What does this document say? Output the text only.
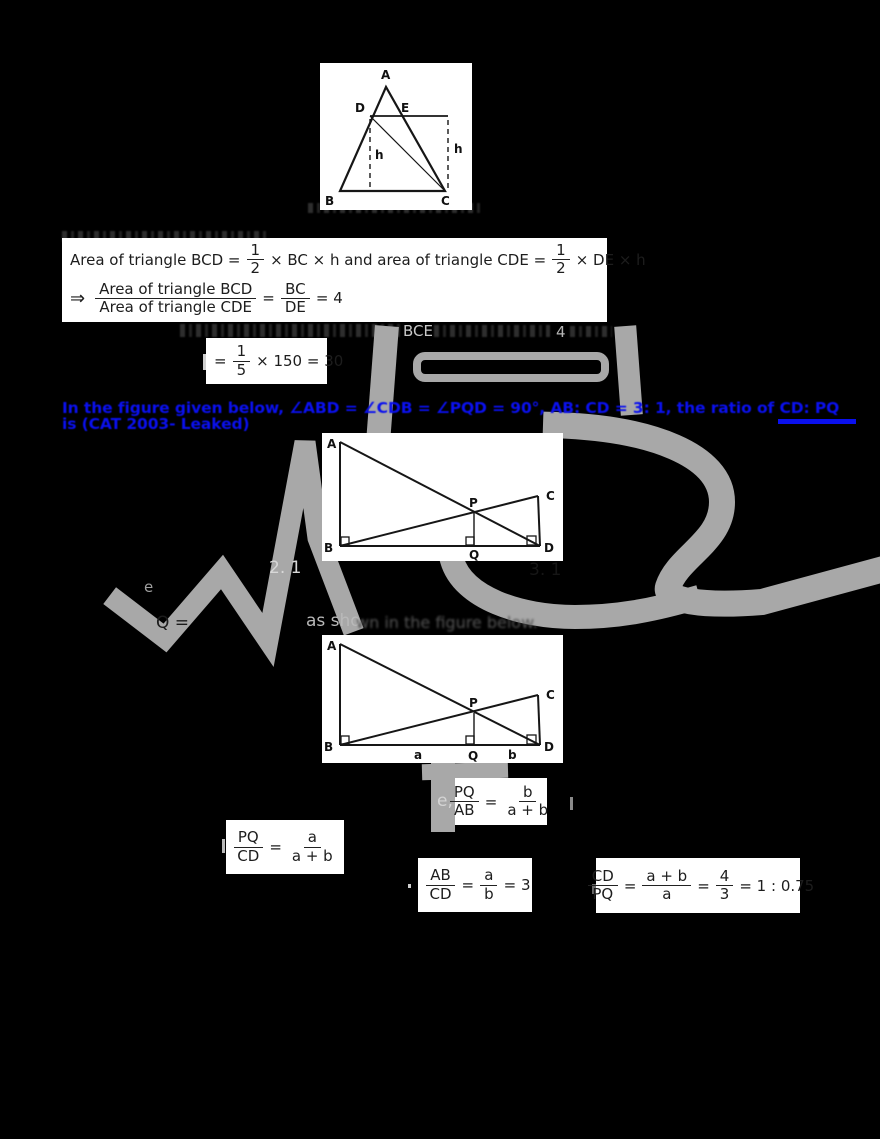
A
B	C
D	E
h	h
Area of triangle BCD = $\frac{1}{2}$ × BC × h and area of triangle CDE = $\frac{1}{2}$ × DE × h
⇒ Area of triangle BCD
Area of triangle CDE = $\frac{BC}{DE} = 4$
BCE	4
= $\frac{1}{5} \times 150 = 30$
In the figure given below, ∠ABD = ∠CDB = ∠PQD = 90°, AB: CD = 3: 1, the ratio of CD: PQ
is (CAT 2003- Leaked)
A
B
C
D
P
Q
2. 1	3. 1
e
Q =	as sho
wn in the figure below.
A
B
C
D
P
Q
a	b
e,
$\frac{PQ}{AB} = \frac{b}{a + b}$
$\frac{PQ}{CD} = \frac{a}{a + b}$
$\frac{AB}{CD} = \frac{a}{b} = 3$	$\frac{CD}{PQ} = \frac{a + b}{a} = \frac{4}{3} = 1$ : 0.75
